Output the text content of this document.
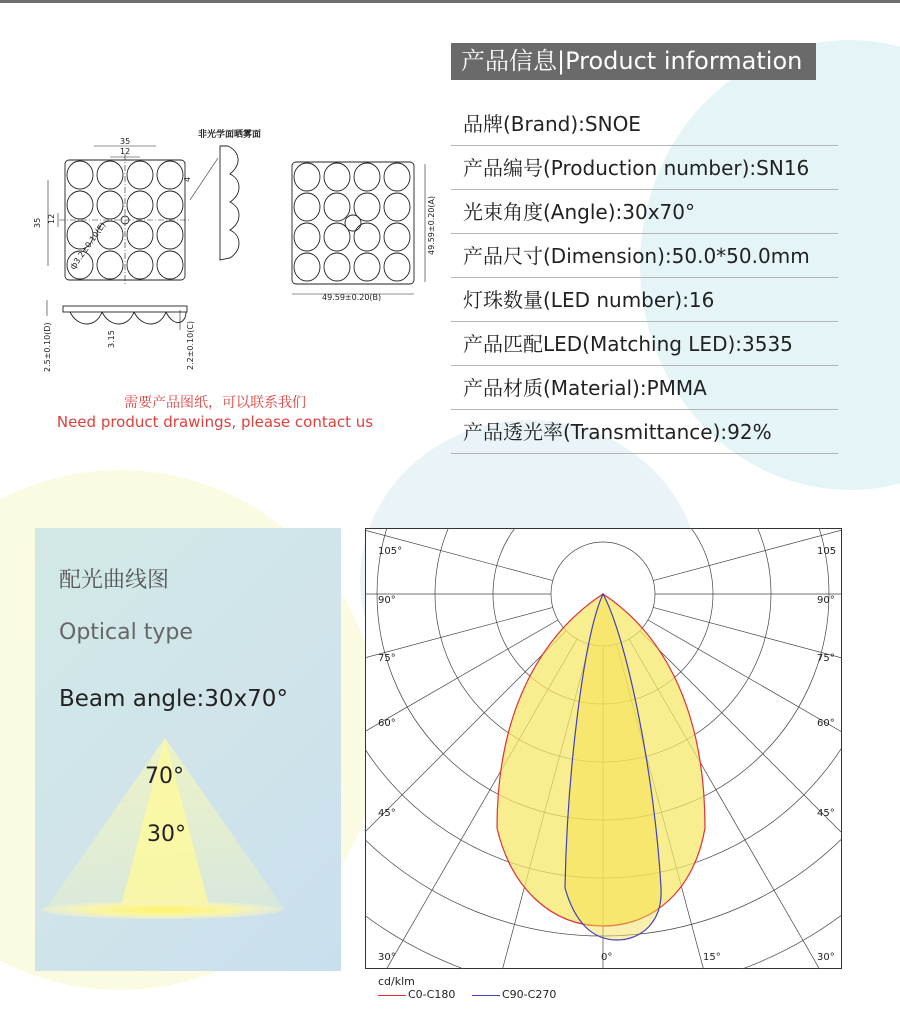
产品信息|Product information
品牌(Brand):SNOE
产品编号(Production number):SN16
光束角度(Angle):30x70°
产品尺寸(Dimension):50.0*50.0mm
灯珠数量(LED number):16
产品匹配LED(Matching LED):3535
产品材质(Material):PMMA
产品透光率(Transmittance):92%
非光学面晒雾面
35
12
35 12
ф3.2±0.10(E)
4
49.59±0.20(A)
49.59±0.20(B)
2.5±0.10(D)	3.15	2.2±0.10(C)
需要产品图纸，可以联系我们
Need product drawings, please contact us
配光曲线图
Optical type
Beam angle:30x70°
70°
30°
105°
90°
75°
60°
45°
30°
105
90°
75°
60°
45°
30°
0°	15°
cd/klm
C0-C180	C90-C270
